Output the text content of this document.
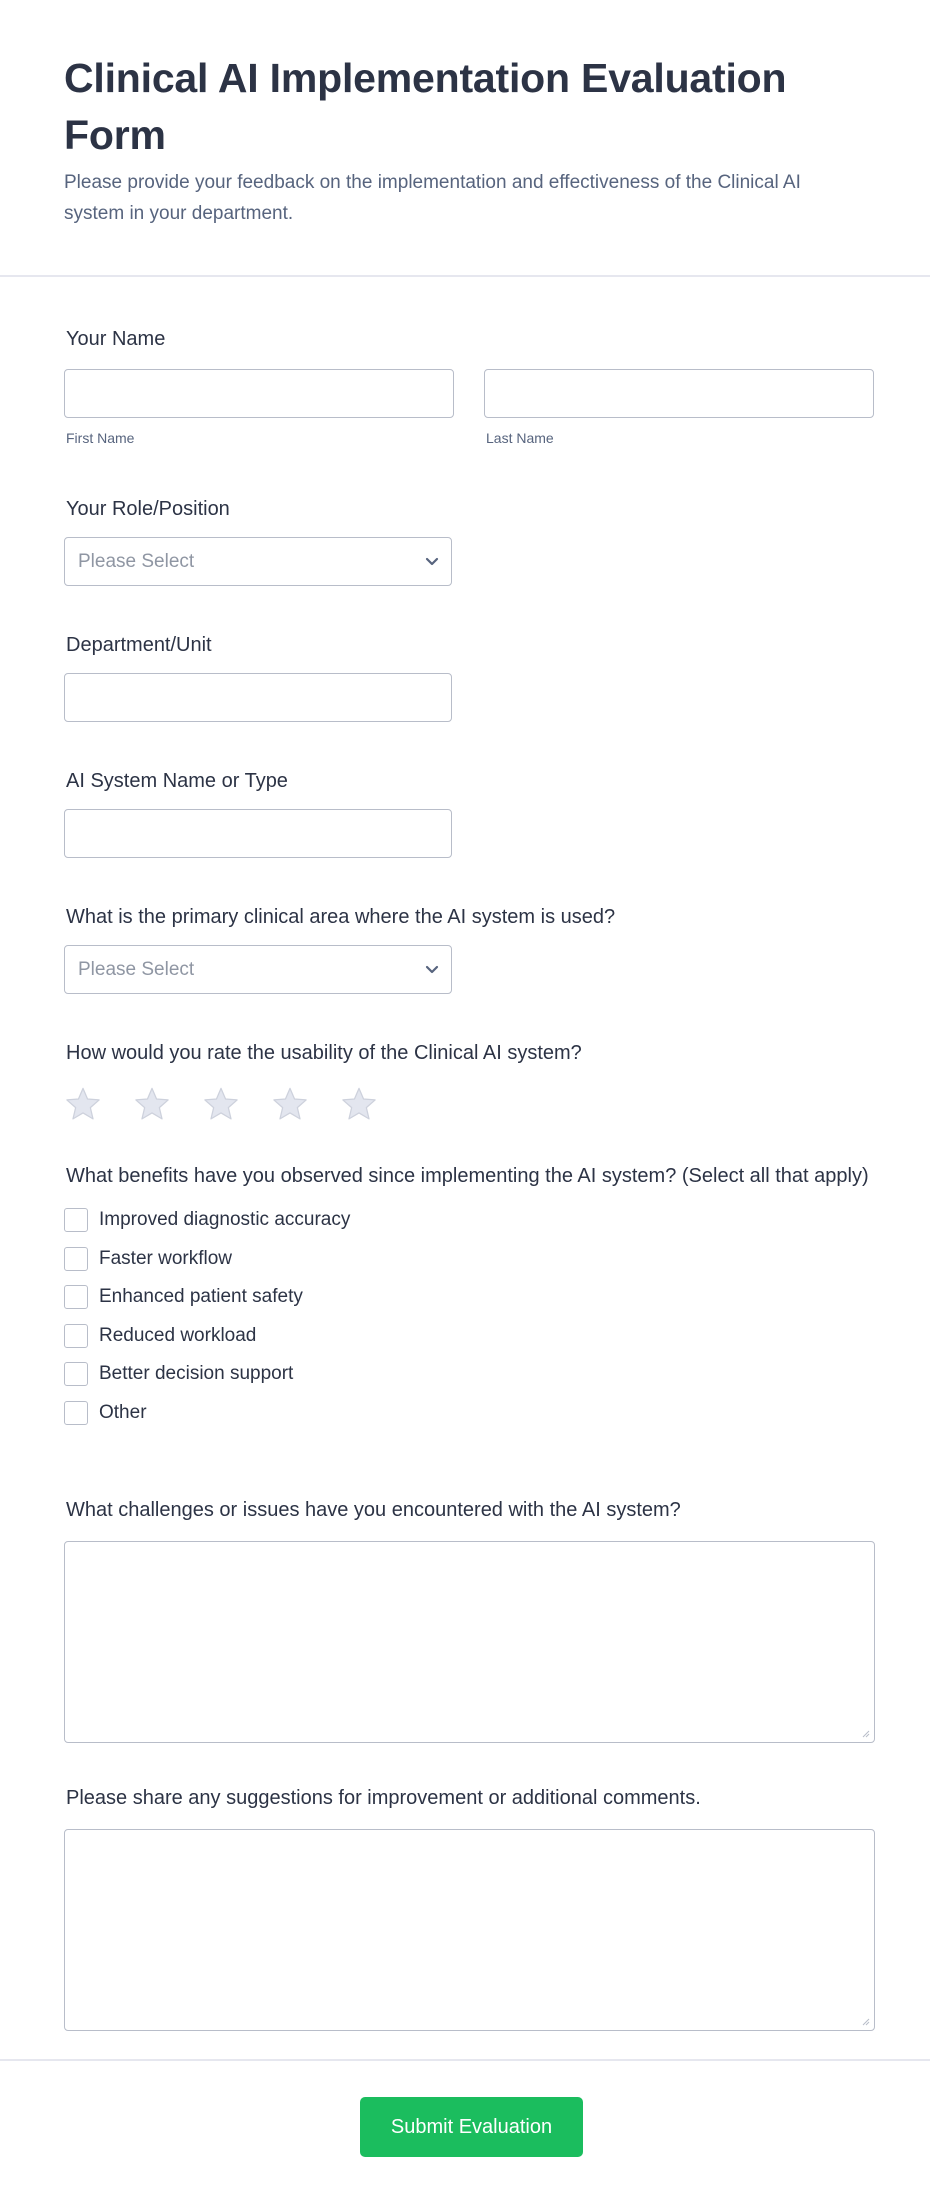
Clinical AI Implementation Evaluation Form

Please provide your feedback on the implementation and effectiveness of the Clinical AI system in your department.

Your Name
First Name	Last Name
Your Role/Position
Please Select
Department/Unit
AI System Name or Type
What is the primary clinical area where the AI system is used?
Please Select
How would you rate the usability of the Clinical AI system?
What benefits have you observed since implementing the AI system? (Select all that apply)
Improved diagnostic accuracy
Faster workflow
Enhanced patient safety
Reduced workload
Better decision support
Other
What challenges or issues have you encountered with the AI system?
Please share any suggestions for improvement or additional comments.
Submit Evaluation
